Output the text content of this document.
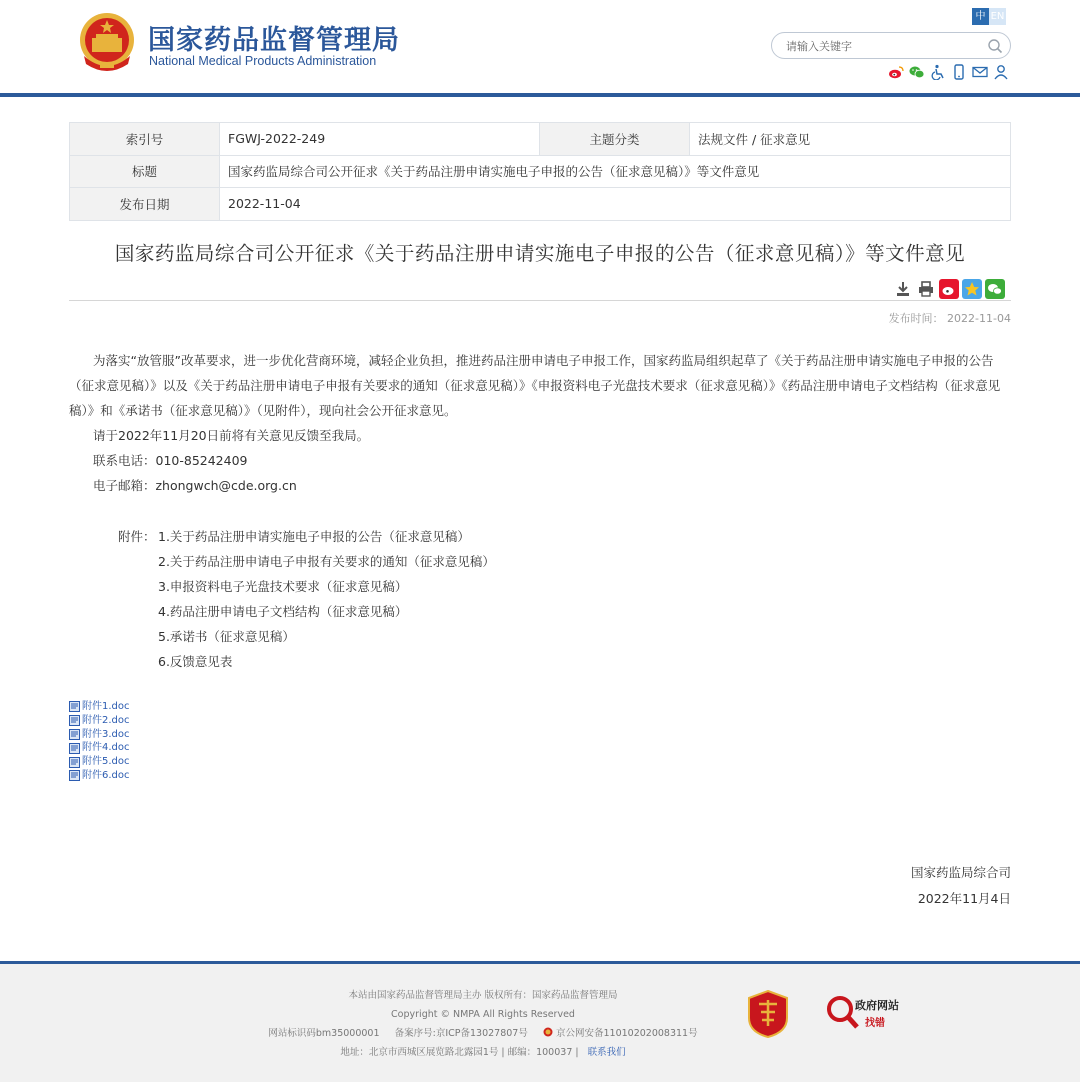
国家药品监督管理局
National Medical Products Administration
中 EN
请输入关键字
索引号	FGWJ-2022-249	主题分类	法规文件 / 征求意见
标题	国家药监局综合司公开征求《关于药品注册申请实施电子申报的公告（征求意见稿）》等文件意见		
发布日期	2022-11-04		
国家药监局综合司公开征求《关于药品注册申请实施电子申报的公告（征求意见稿）》等文件意见
发布时间： 2022-11-04

为落实“放管服”改革要求，进一步优化营商环境，减轻企业负担，推进药品注册申请电子申报工作，国家药监局组织起草了《关于药品注册申请实施电子申报的公告（征求意见稿）》以及《关于药品注册申请电子申报有关要求的通知（征求意见稿）》《申报资料电子光盘技术要求（征求意见稿）》《药品注册申请电子文档结构（征求意见稿）》和《承诺书（征求意见稿）》（见附件），现向社会公开征求意见。

请于2022年11月20日前将有关意见反馈至我局。

联系电话：010-85242409

电子邮箱：zhongwch@cde.org.cn

附件： 1.关于药品注册申请实施电子申报的公告（征求意见稿）
2.关于药品注册申请电子申报有关要求的通知（征求意见稿）
3.申报资料电子光盘技术要求（征求意见稿）
4.药品注册申请电子文档结构（征求意见稿）
5.承诺书（征求意见稿）
6.反馈意见表
附件1.doc
附件2.doc
附件3.doc
附件4.doc
附件5.doc
附件6.doc
国家药监局综合司
2022年11月4日
本站由国家药品监督管理局主办 版权所有：国家药品监督管理局
Copyright © NMPA All Rights Reserved
网站标识码bm35000001 备案序号:京ICP备13027807号	京公网安备11010202008311号
地址：北京市西城区展览路北露园1号 | 邮编：100037 | 联系我们
政府网站
找错
